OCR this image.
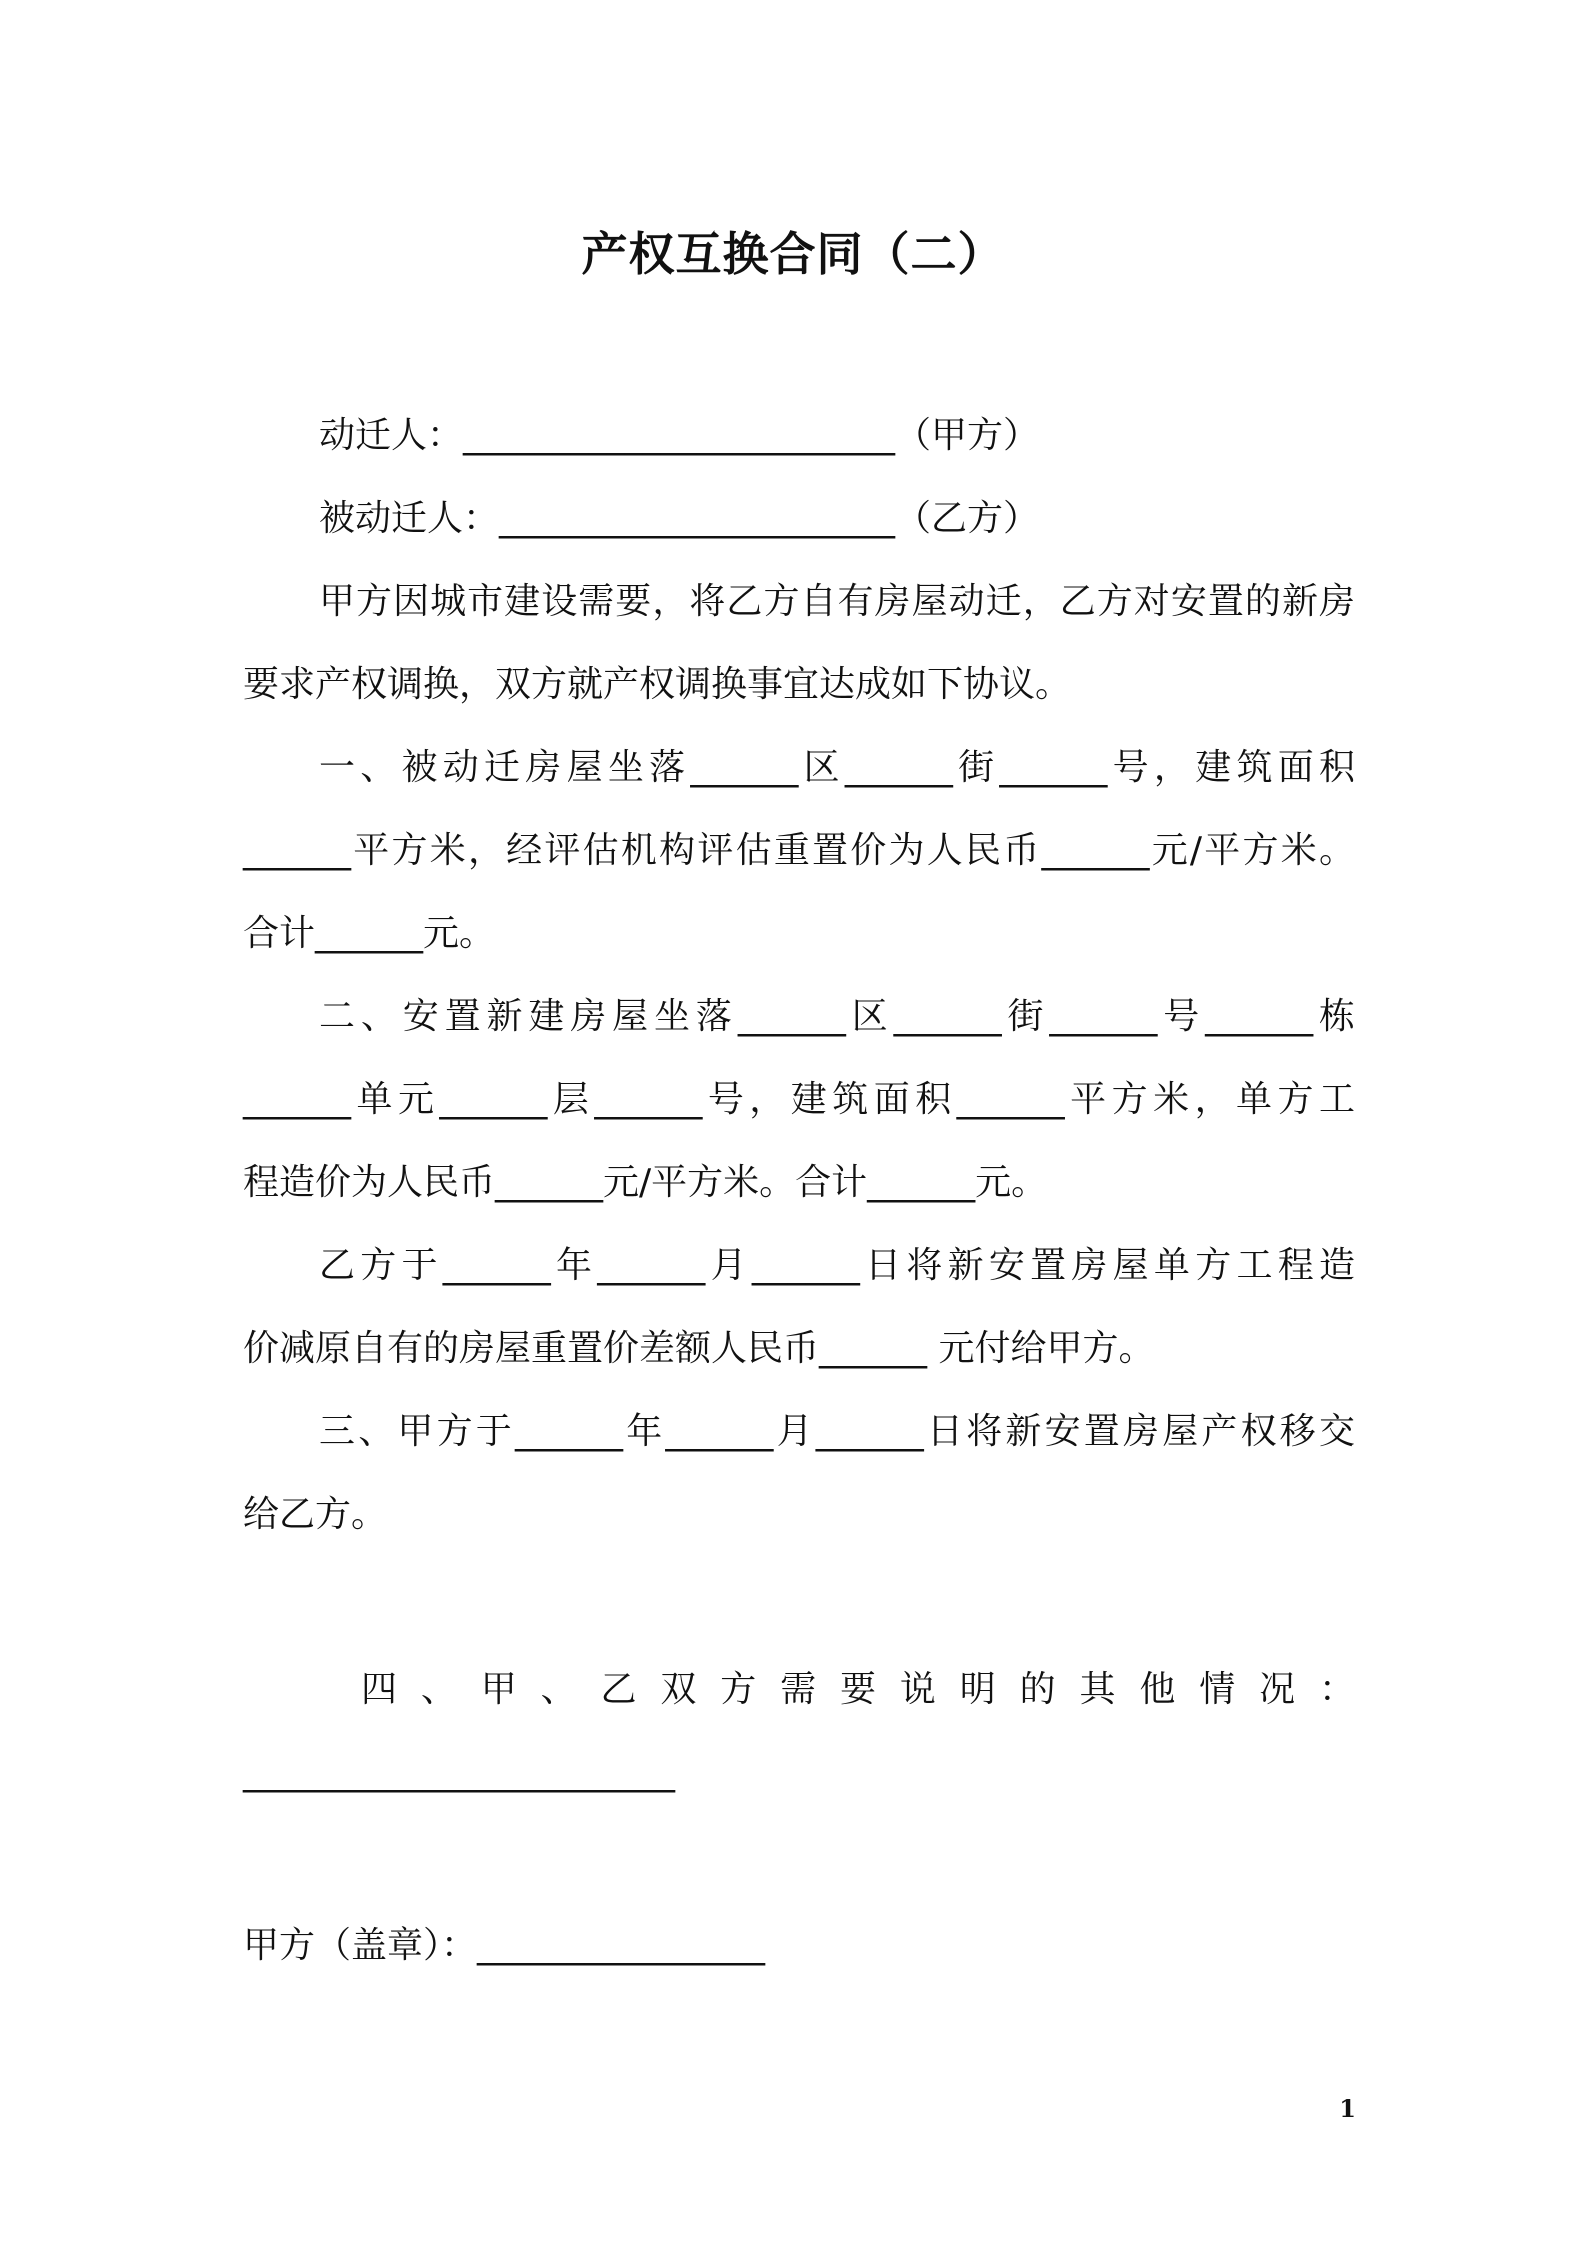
产权互换合同（二）
动迁人：________________________（甲方）
被动迁人：______________________（乙方）
甲方因城市建设需要，将乙方自有房屋动迁，乙方对安置的新房
要求产权调换，双方就产权调换事宜达成如下协议。
一、被动迁房屋坐落______区______街______号，建筑面积
______平方米，经评估机构评估重置价为人民币______元/平方米。
合计______元。
二、安置新建房屋坐落______区______街______号______栋
______单元______层______号，建筑面积______平方米，单方工
程造价为人民币______元/平方米。合计______元。
乙方于______年______月______日将新安置房屋单方工程造
价减原自有的房屋重置价差额人民币______ 元付给甲方。
三、甲方于______年______月______日将新安置房屋产权移交
给乙方。
四、甲、乙双方需要说明的其他情况：
________________________
甲方（盖章）：________________
1
